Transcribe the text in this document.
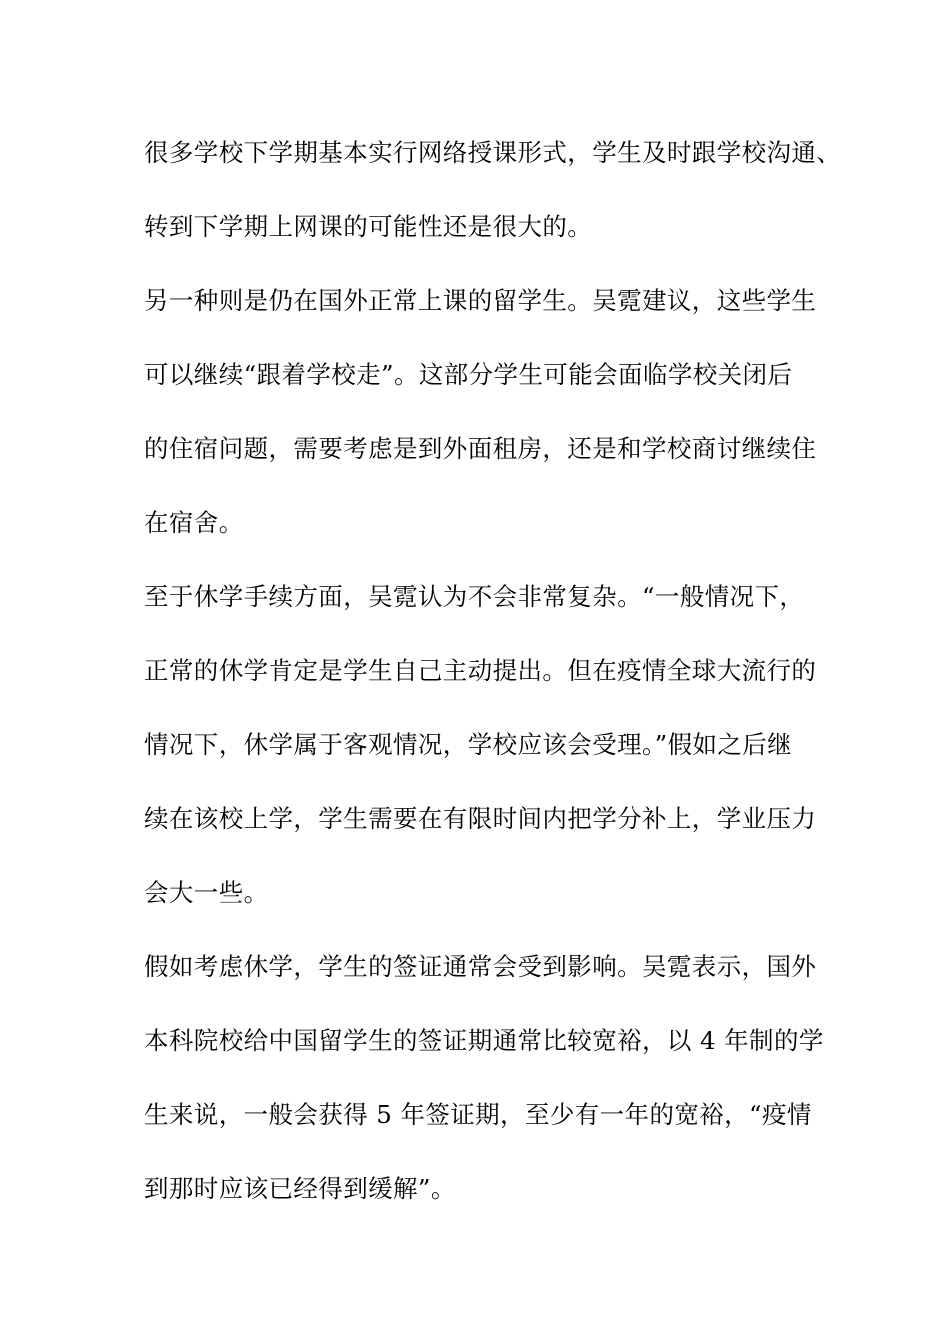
很多学校下学期基本实行网络授课形式，学生及时跟学校沟通、
转到下学期上网课的可能性还是很大的。
另一种则是仍在国外正常上课的留学生。吴霓建议，这些学生
可以继续“跟着学校走”。这部分学生可能会面临学校关闭后
的住宿问题，需要考虑是到外面租房，还是和学校商讨继续住
在宿舍。
至于休学手续方面，吴霓认为不会非常复杂。“一般情况下，
正常的休学肯定是学生自己主动提出。但在疫情全球大流行的
情况下，休学属于客观情况，学校应该会受理。”假如之后继
续在该校上学，学生需要在有限时间内把学分补上，学业压力
会大一些。
假如考虑休学，学生的签证通常会受到影响。吴霓表示，国外
本科院校给中国留学生的签证期通常比较宽裕，以 4 年制的学
生来说，一般会获得 5 年签证期，至少有一年的宽裕，“疫情
到那时应该已经得到缓解”。
